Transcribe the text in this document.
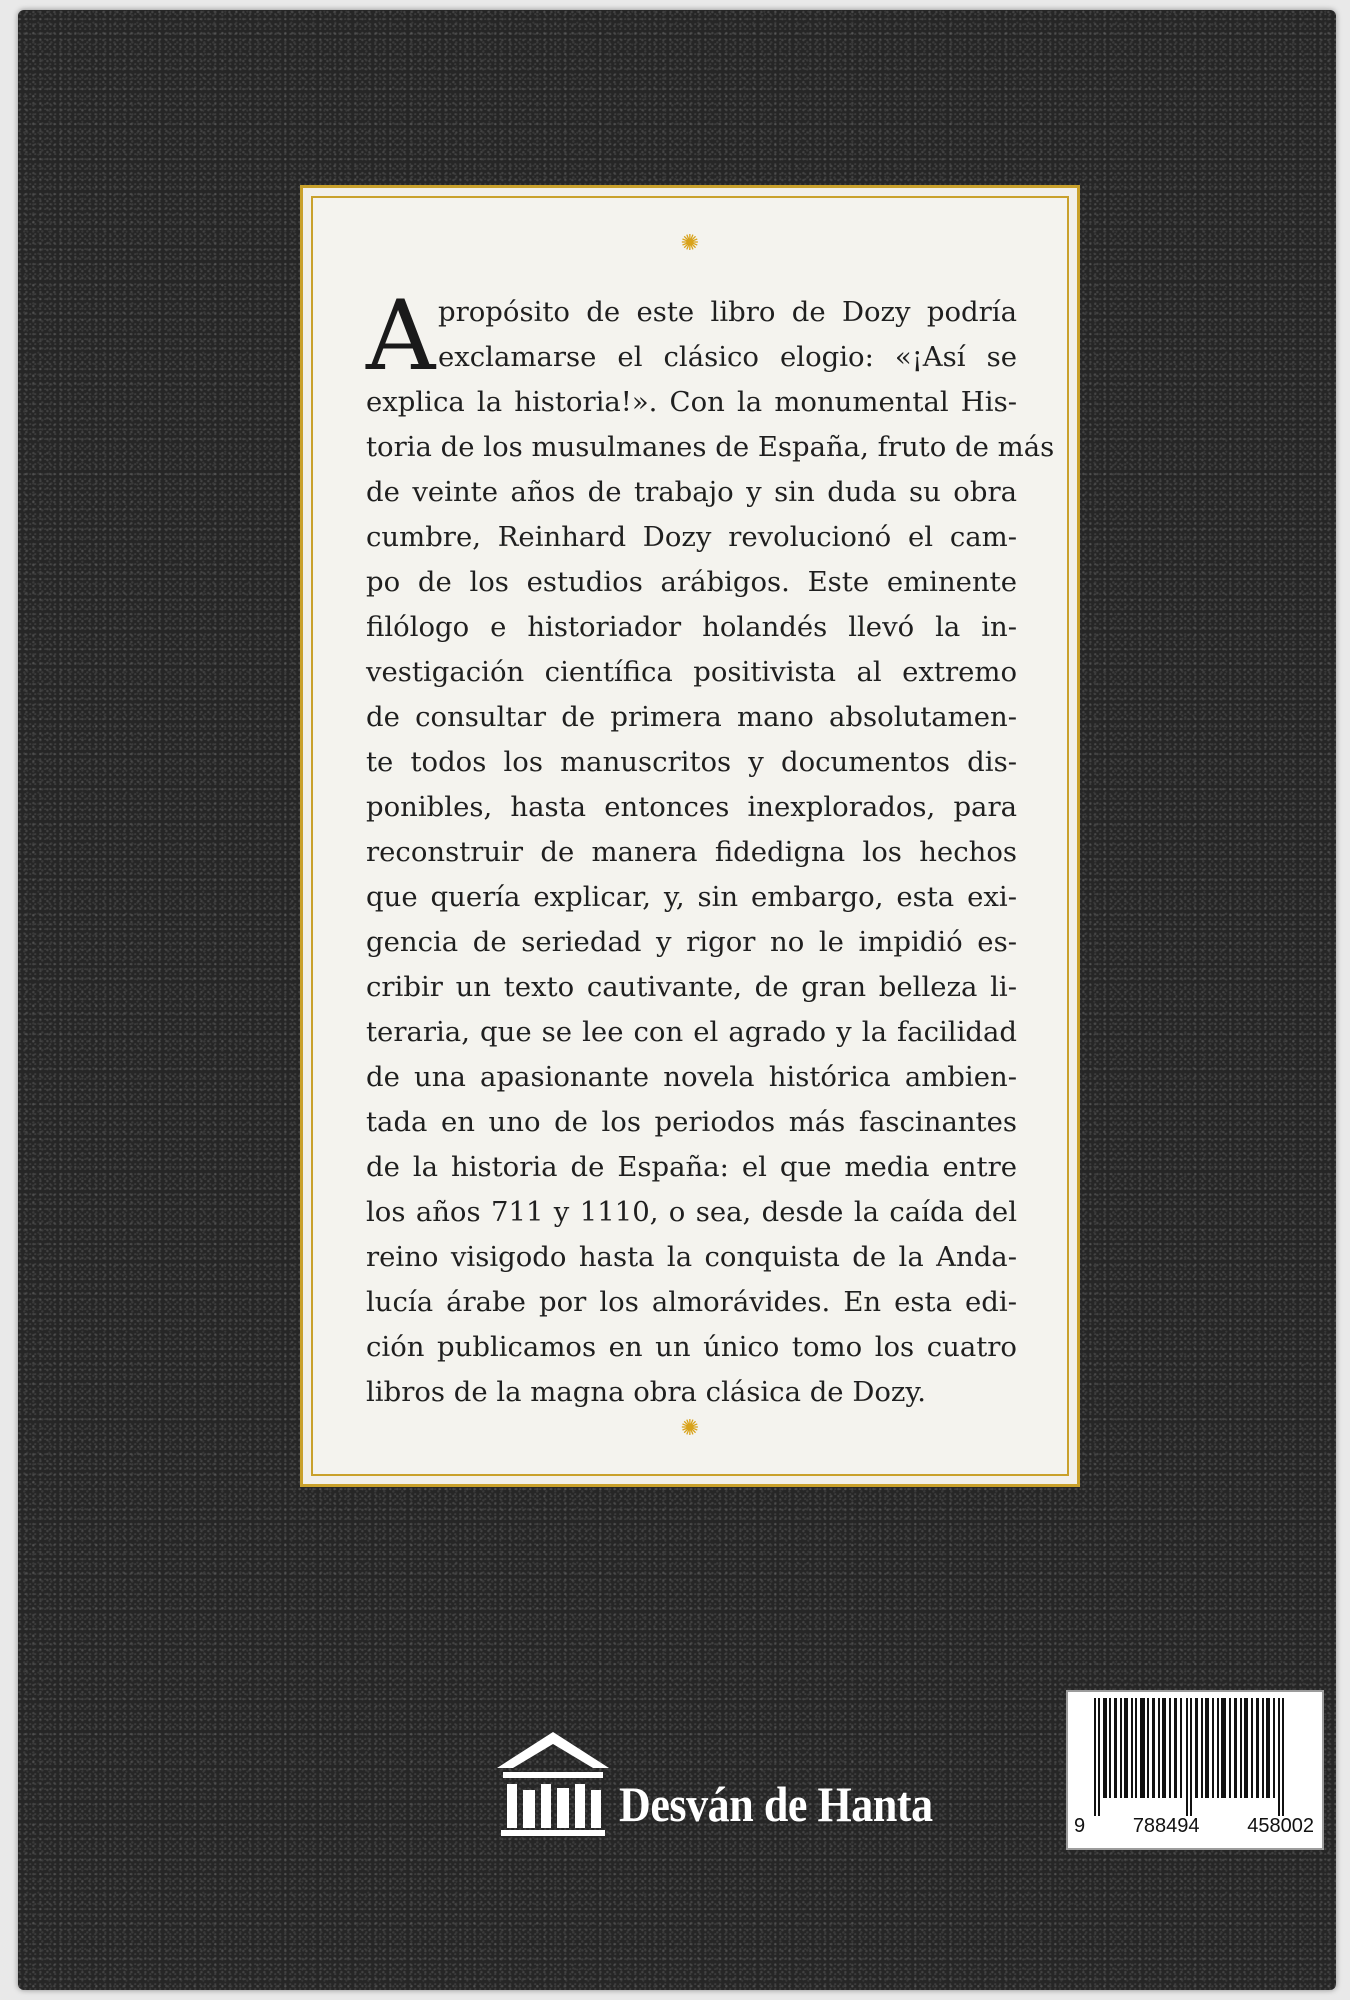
✺
A propósito de este libro de Dozy podría
exclamarse el clásico elogio: «¡Así se
explica la historia!». Con la monumental His-
toria de los musulmanes de España, fruto de más
de veinte años de trabajo y sin duda su obra
cumbre, Reinhard Dozy revolucionó el cam-
po de los estudios arábigos. Este eminente
filólogo e historiador holandés llevó la in-
vestigación científica positivista al extremo
de consultar de primera mano absolutamen-
te todos los manuscritos y documentos dis-
ponibles, hasta entonces inexplorados, para
reconstruir de manera fidedigna los hechos
que quería explicar, y, sin embargo, esta exi-
gencia de seriedad y rigor no le impidió es-
cribir un texto cautivante, de gran belleza li-
teraria, que se lee con el agrado y la facilidad
de una apasionante novela histórica ambien-
tada en uno de los periodos más fascinantes
de la historia de España: el que media entre
los años 711 y 1110, o sea, desde la caída del
reino visigodo hasta la conquista de la Anda-
lucía árabe por los almorávides. En esta edi-
ción publicamos en un único tomo los cuatro
libros de la magna obra clásica de Dozy.
✺
Desván de Hanta	9 788494 458002
